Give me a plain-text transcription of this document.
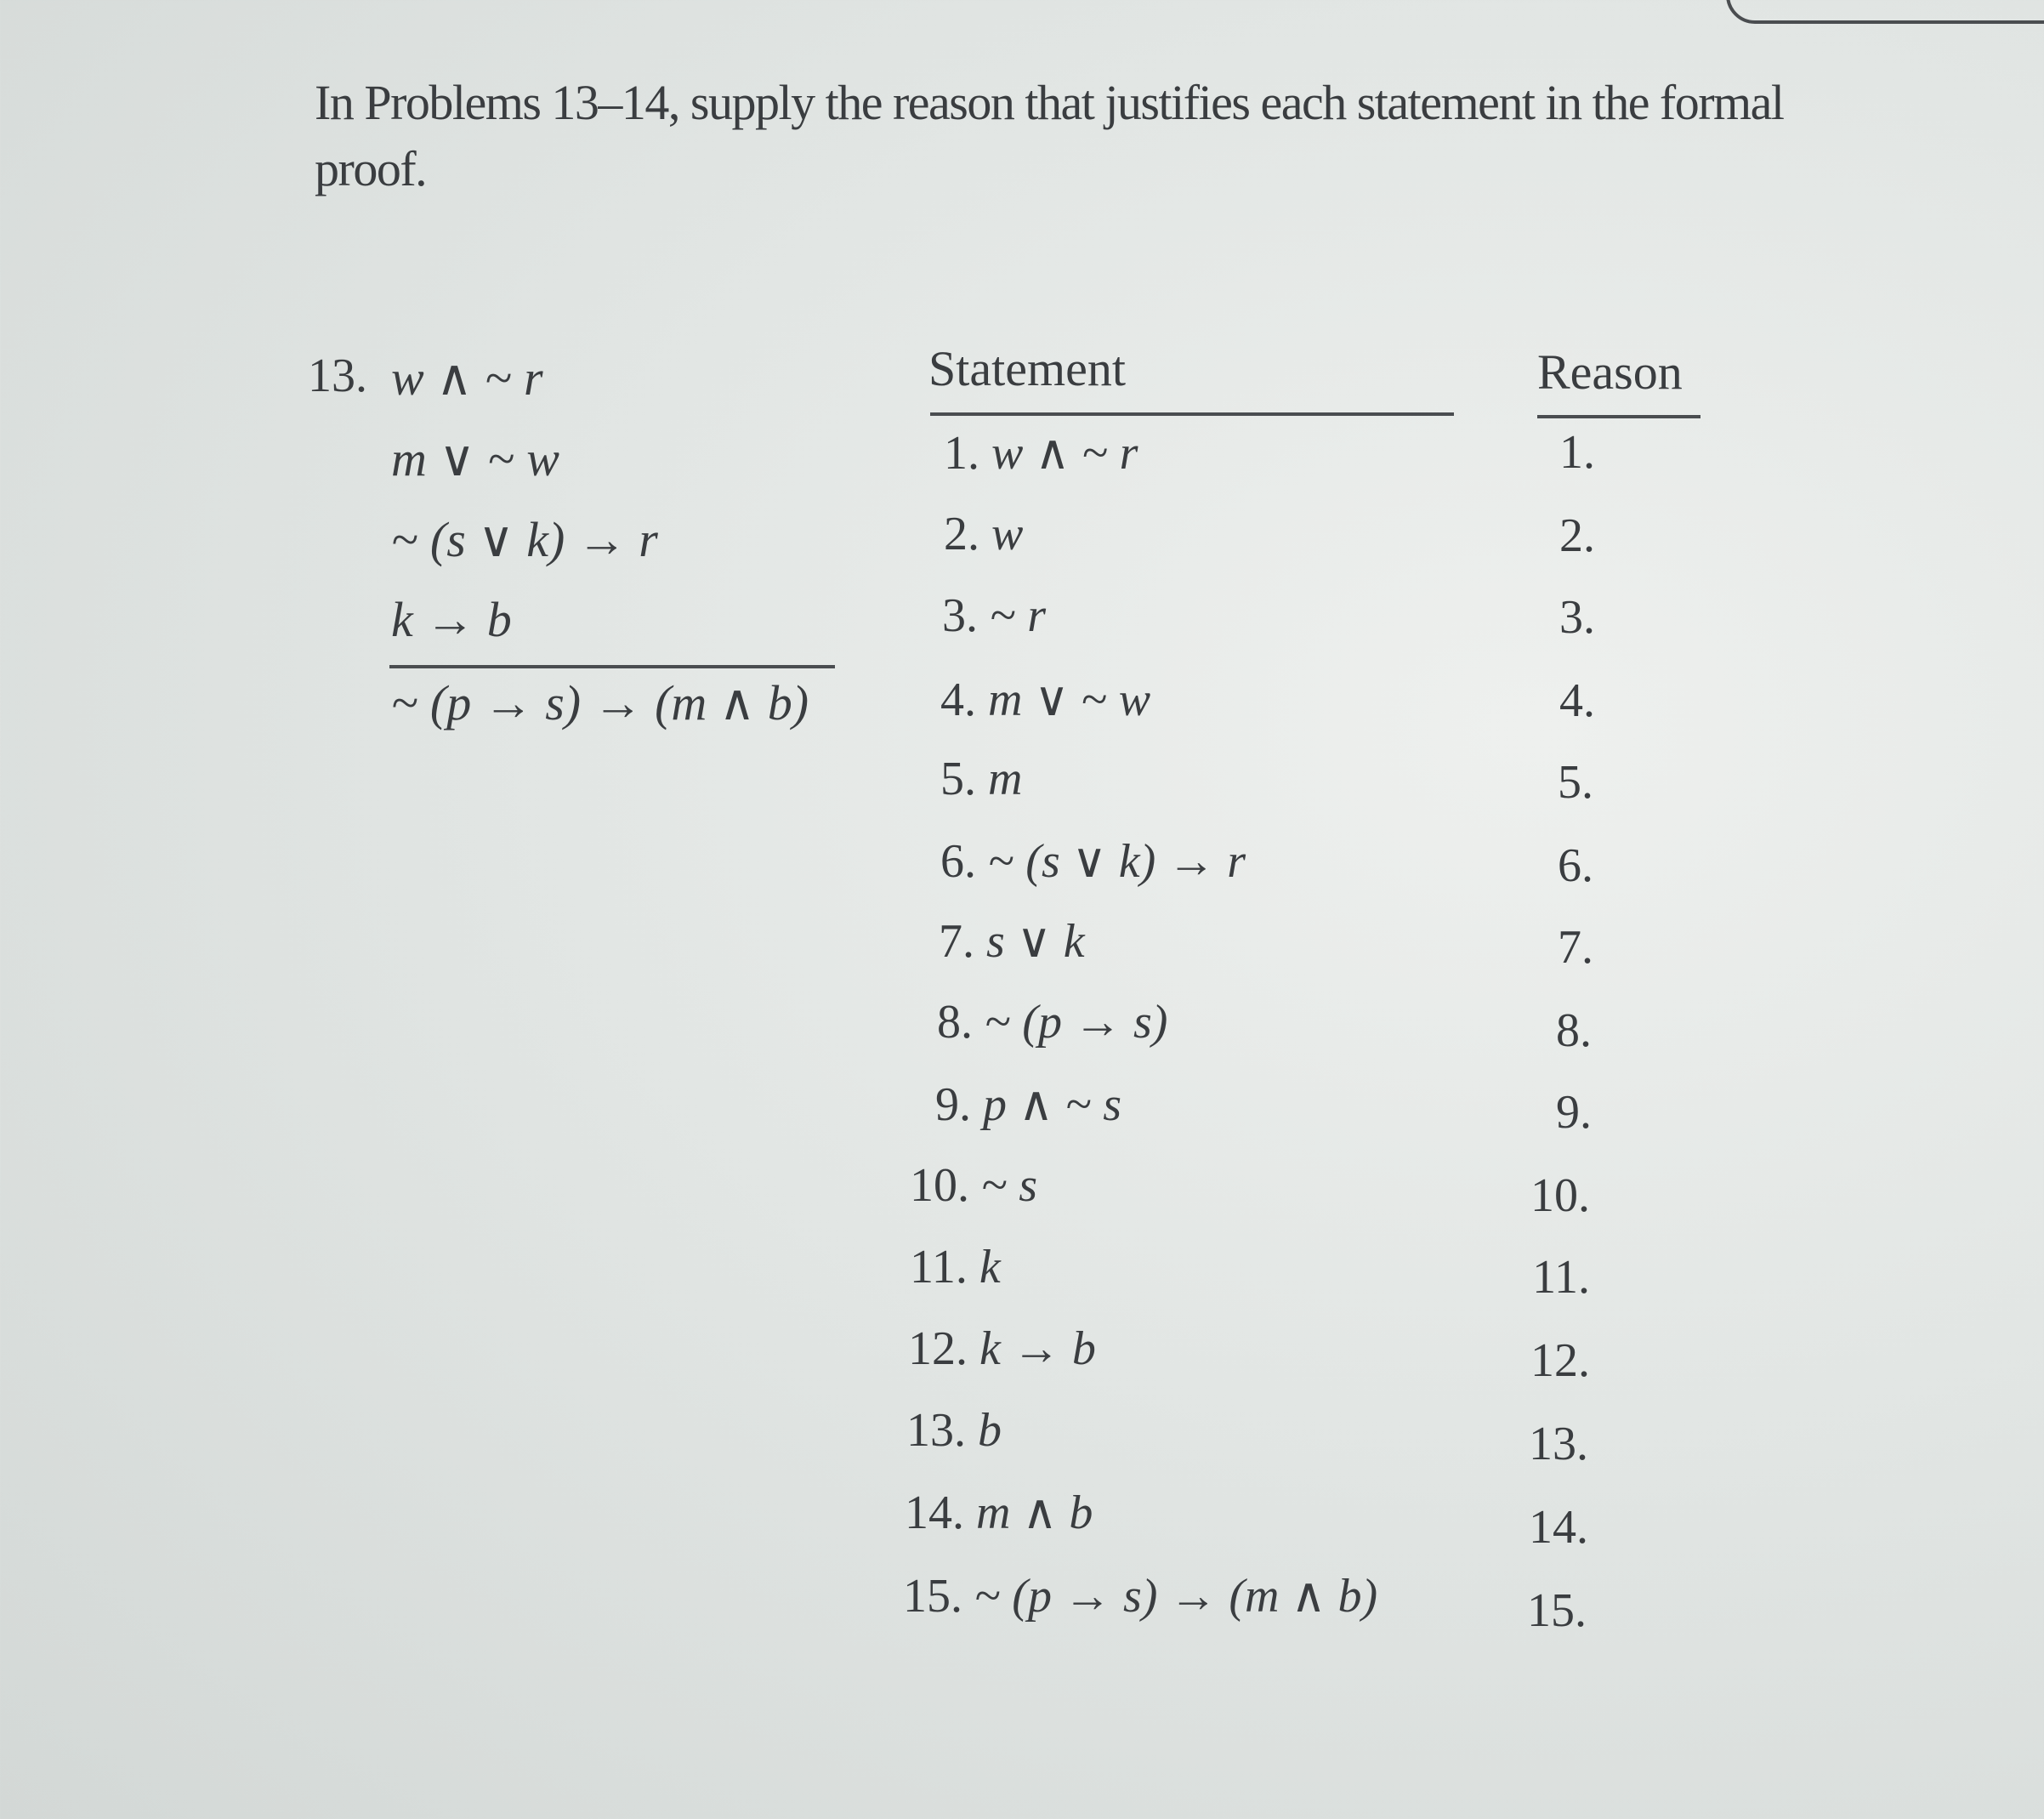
In Problems 13–14, supply the reason that justifies each statement in the formal proof.

13. w ∧ ~ r
m ∨ ~ w
~ (s ∨ k) → r
k → b
~ (p → s) → (m ∧ b)
Statement	Reason
1. w ∧ ~ r
2. w
3. ~ r
4. m ∨ ~ w
5. m
6. ~ (s ∨ k) → r
7. s ∨ k
8. ~ (p → s)
9. p ∧ ~ s
10. ~ s
11. k
12. k → b
13. b
14. m ∧ b
15. ~ (p → s) → (m ∧ b)
1.
2.
3.
4.
5.
6.
7.
8.
9.
10.
11.
12.
13.
14.
15.
